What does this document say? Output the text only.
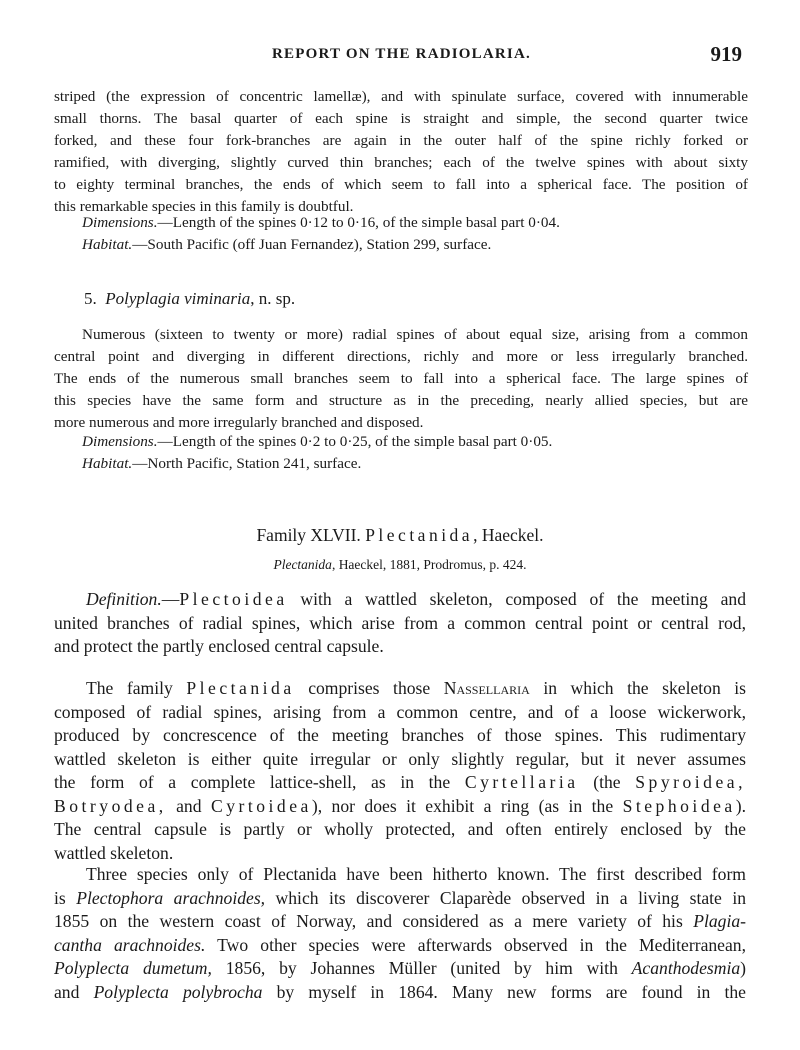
REPORT ON THE RADIOLARIA.	919
striped (the expression of concentric lamellæ), and with spinulate surface, covered with innumerable
small thorns. The basal quarter of each spine is straight and simple, the second quarter twice
forked, and these four fork-branches are again in the outer half of the spine richly forked or
ramified, with diverging, slightly curved thin branches; each of the twelve spines with about sixty
to eighty terminal branches, the ends of which seem to fall into a spherical face. The position of
this remarkable species in this family is doubtful.

Dimensions.—Length of the spines 0·12 to 0·16, of the simple basal part 0·04.

Habitat.—South Pacific (off Juan Fernandez), Station 299, surface.

5. Polyplagia viminaria, n. sp.
Numerous (sixteen to twenty or more) radial spines of about equal size, arising from a common
central point and diverging in different directions, richly and more or less irregularly branched.
The ends of the numerous small branches seem to fall into a spherical face. The large spines of
this species have the same form and structure as in the preceding, nearly allied species, but are
more numerous and more irregularly branched and disposed.

Dimensions.—Length of the spines 0·2 to 0·25, of the simple basal part 0·05.

Habitat.—North Pacific, Station 241, surface.

Family XLVII. Plectanida, Haeckel.
Plectanida, Haeckel, 1881, Prodromus, p. 424.
Definition.—Plectoidea with a wattled skeleton, composed of the meeting and
united branches of radial spines, which arise from a common central point or central rod,
and protect the partly enclosed central capsule.
The family Plectanida comprises those Nassellaria in which the skeleton is
composed of radial spines, arising from a common centre, and of a loose wickerwork,
produced by concrescence of the meeting branches of those spines. This rudimentary
wattled skeleton is either quite irregular or only slightly regular, but it never assumes
the form of a complete lattice-shell, as in the Cyrtellaria (the Spyroidea,
Botryodea, and Cyrtoidea), nor does it exhibit a ring (as in the Stephoidea).
The central capsule is partly or wholly protected, and often entirely enclosed by the
wattled skeleton.
Three species only of Plectanida have been hitherto known. The first described form
is Plectophora arachnoides, which its discoverer Claparède observed in a living state in
1855 on the western coast of Norway, and considered as a mere variety of his Plagia-
cantha arachnoides. Two other species were afterwards observed in the Mediterranean,
Polyplecta dumetum, 1856, by Johannes Müller (united by him with Acanthodesmia)
and Polyplecta polybrocha by myself in 1864. Many new forms are found in the
